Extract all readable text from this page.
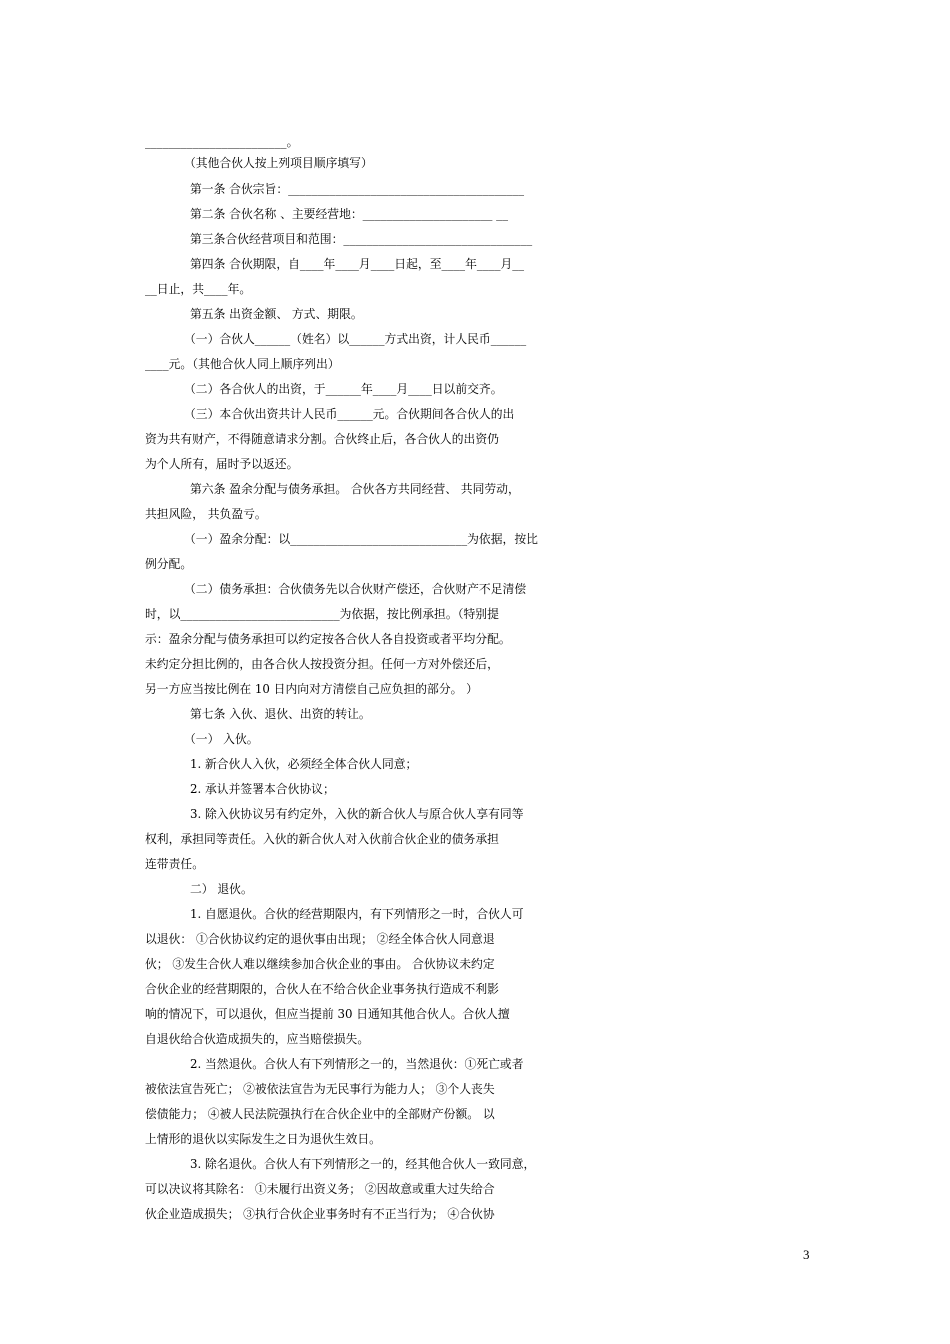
________________________。
（其他合伙人按上列项目顺序填写）
第一条 合伙宗旨：________________________________________
第二条 合伙名称 、主要经营地：______________________ __
第三条合伙经营项目和范围：________________________________
第四条 合伙期限，自____年____月____日起，至____年____月__
__日止，共____年。
第五条 出资金额、 方式、期限。
（一）合伙人______（姓名）以______方式出资，计人民币______
____元。（其他合伙人同上顺序列出）
（二）各合伙人的出资，于______年____月____日以前交齐。
（三）本合伙出资共计人民币______元。合伙期间各合伙人的出
资为共有财产，不得随意请求分割。合伙终止后，各合伙人的出资仍
为个人所有，届时予以返还。
第六条 盈余分配与债务承担。 合伙各方共同经营、 共同劳动，
共担风险， 共负盈亏。
（一）盈余分配：以______________________________为依据，按比
例分配。
（二）债务承担：合伙债务先以合伙财产偿还，合伙财产不足清偿
时，以___________________________为依据，按比例承担。（特别提
示：盈余分配与债务承担可以约定按各合伙人各自投资或者平均分配。
未约定分担比例的，由各合伙人按投资分担。任何一方对外偿还后，
另一方应当按比例在 10 日内向对方清偿自己应负担的部分。 ）
第七条 入伙、退伙、出资的转让。
（一） 入伙。
1. 新合伙人入伙，必须经全体合伙人同意；
2. 承认并签署本合伙协议；
3. 除入伙协议另有约定外，入伙的新合伙人与原合伙人享有同等
权利，承担同等责任。入伙的新合伙人对入伙前合伙企业的债务承担
连带责任。
二） 退伙。
1. 自愿退伙。合伙的经营期限内，有下列情形之一时，合伙人可
以退伙： ①合伙协议约定的退伙事由出现； ②经全体合伙人同意退
伙； ③发生合伙人难以继续参加合伙企业的事由。 合伙协议未约定
合伙企业的经营期限的，合伙人在不给合伙企业事务执行造成不利影
响的情况下，可以退伙，但应当提前 30 日通知其他合伙人。合伙人擅
自退伙给合伙造成损失的，应当赔偿损失。
2. 当然退伙。合伙人有下列情形之一的，当然退伙：①死亡或者
被依法宣告死亡； ②被依法宣告为无民事行为能力人； ③个人丧失
偿债能力； ④被人民法院强执行在合伙企业中的全部财产份额。 以
上情形的退伙以实际发生之日为退伙生效日。
3. 除名退伙。合伙人有下列情形之一的，经其他合伙人一致同意，
可以决议将其除名： ①未履行出资义务； ②因故意或重大过失给合
伙企业造成损失； ③执行合伙企业事务时有不正当行为； ④合伙协
3
